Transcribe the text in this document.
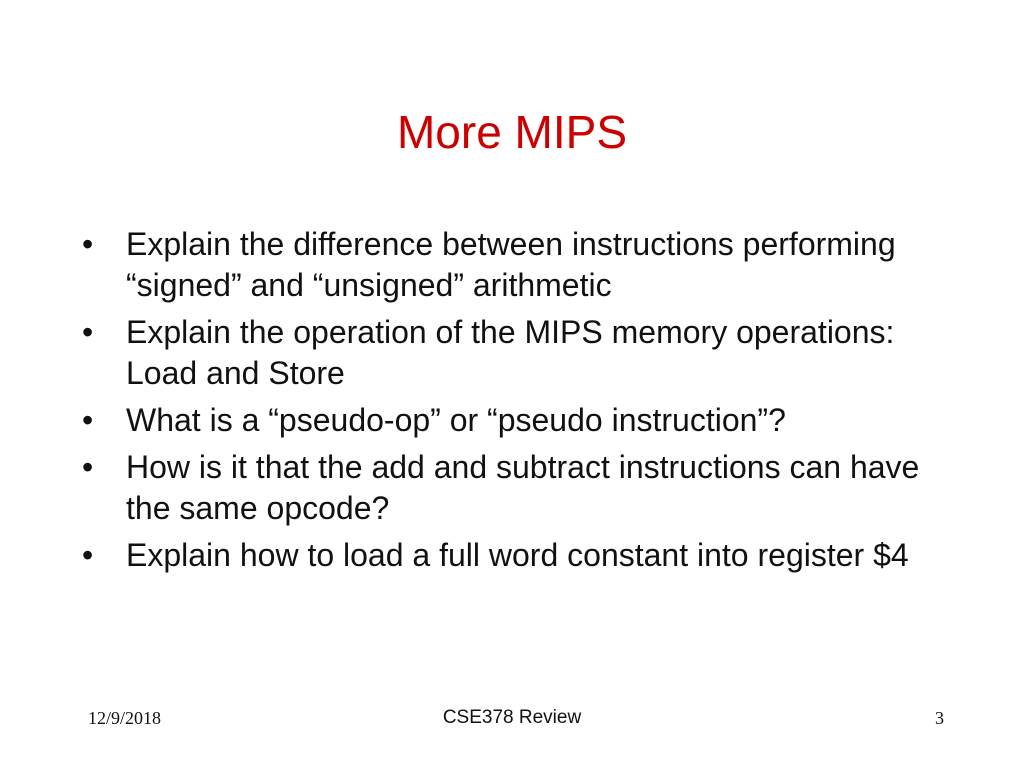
More MIPS
•	Explain the difference between instructions performing “signed” and “unsigned” arithmetic
•	Explain the operation of the MIPS memory operations: Load and Store
•	What is a “pseudo-op” or “pseudo instruction”?
•	How is it that the add and subtract instructions can have the same opcode?
•	Explain how to load a full word constant into register $4
12/9/2018	CSE378 Review	3
